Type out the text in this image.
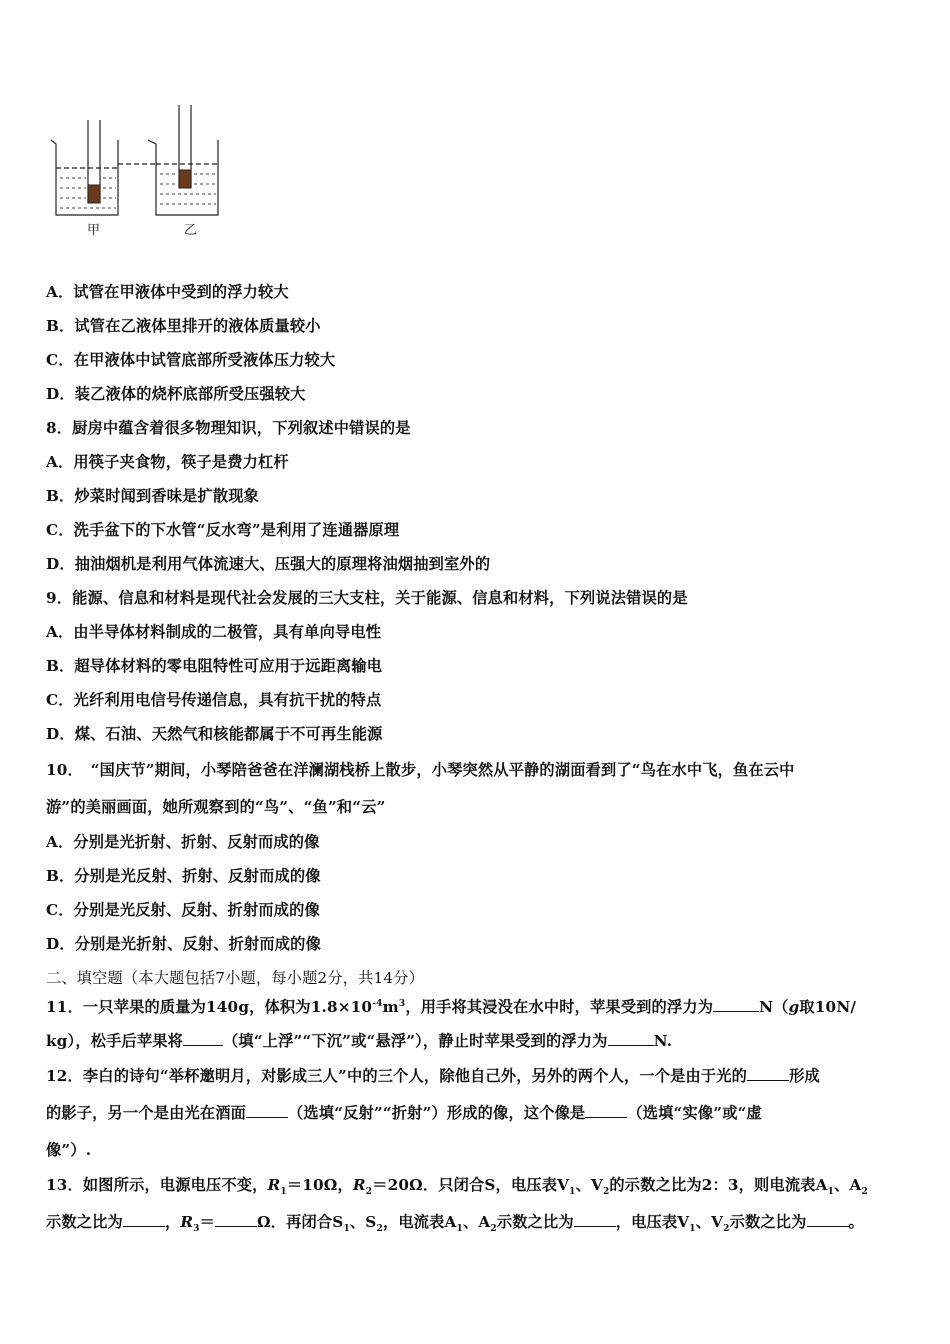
甲	乙
A．试管在甲液体中受到的浮力较大
B．试管在乙液体里排开的液体质量较小
C．在甲液体中试管底部所受液体压力较大
D．装乙液体的烧杯底部所受压强较大
8．厨房中蕴含着很多物理知识，下列叙述中错误的是
A．用筷子夹食物，筷子是费力杠杆
B．炒菜时闻到香味是扩散现象
C．洗手盆下的下水管“反水弯”是利用了连通器原理
D．抽油烟机是利用气体流速大、压强大的原理将油烟抽到室外的
9．能源、信息和材料是现代社会发展的三大支柱，关于能源、信息和材料，下列说法错误的是
A．由半导体材料制成的二极管，具有单向导电性
B．超导体材料的零电阻特性可应用于远距离输电
C．光纤利用电信号传递信息，具有抗干扰的特点
D．煤、石油、天然气和核能都属于不可再生能源
10．　“国庆节”期间，小琴陪爸爸在洋澜湖栈桥上散步，小琴突然从平静的湖面看到了“鸟在水中飞，鱼在云中
游”的美丽画面，她所观察到的“鸟”、“鱼”和“云”
A．分别是光折射、折射、反射而成的像
B．分别是光反射、折射、反射而成的像
C．分别是光反射、反射、折射而成的像
D．分别是光折射、反射、折射而成的像
二、填空题（本大题包括7小题，每小题2分，共14分）
11．一只苹果的质量为140g，体积为$1.8\times 10^{-4}m^3$，用手将其浸没在水中时，苹果受到的浮力为	N（g取10N/
kg），松手后苹果将	（填“上浮”“下沉”或“悬浮”），静止时苹果受到的浮力为	N.
12．李白的诗句“举杯邀明月，对影成三人”中的三个人，除他自己外，另外的两个人，一个是由于光的	形成
的影子，另一个是由光在酒面	（选填“反射”“折射”）形成的像，这个像是	（选填“实像”或“虚
像”）.
13．如图所示，电源电压不变，$R_1=10\Omega$，$R_2=20\Omega$．只闭合S，电压表$V_1$、$V_2$的示数之比为2：3，则电流表$A_1$、$A_2$
示数之比为	，$R_3=$	Ω．再闭合$S_1$、$S_2$，电流表$A_1$、$A_2$示数之比为	，电压表$V_1$、$V_2$示数之比为	。
